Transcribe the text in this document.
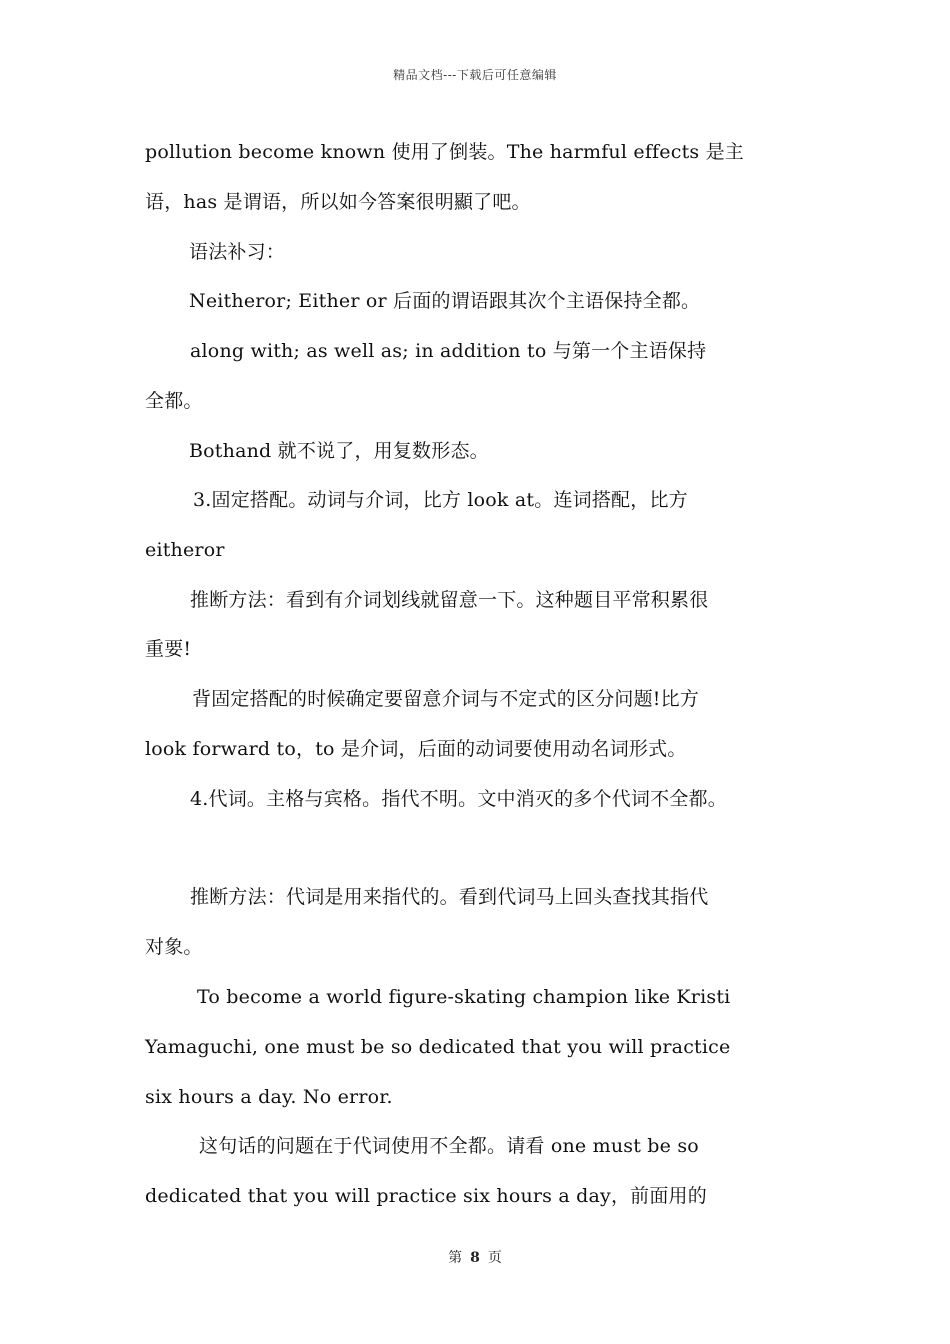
精品文档---下载后可任意编辑
pollution become known 使用了倒装。The harmful effects 是主
语，has 是谓语，所以如今答案很明顯了吧。
语法补习：
Neitheror; Either or 后面的谓语跟其次个主语保持全都。
along with; as well as; in addition to 与第一个主语保持
全都。
Bothand 就不说了，用复数形态。
3.固定搭配。动词与介词，比方 look at。连词搭配，比方
eitheror
推断方法：看到有介词划线就留意一下。这种题目平常积累很
重要!
背固定搭配的时候确定要留意介词与不定式的区分问题!比方
look forward to，to 是介词，后面的动词要使用动名词形式。
4.代词。主格与宾格。指代不明。文中消灭的多个代词不全都。
推断方法：代词是用来指代的。看到代词马上回头查找其指代
对象。
To become a world figure-skating champion like Kristi
Yamaguchi, one must be so dedicated that you will practice
six hours a day. No error.
这句话的问题在于代词使用不全都。请看 one must be so
dedicated that you will practice six hours a day，前面用的
第 8 页
